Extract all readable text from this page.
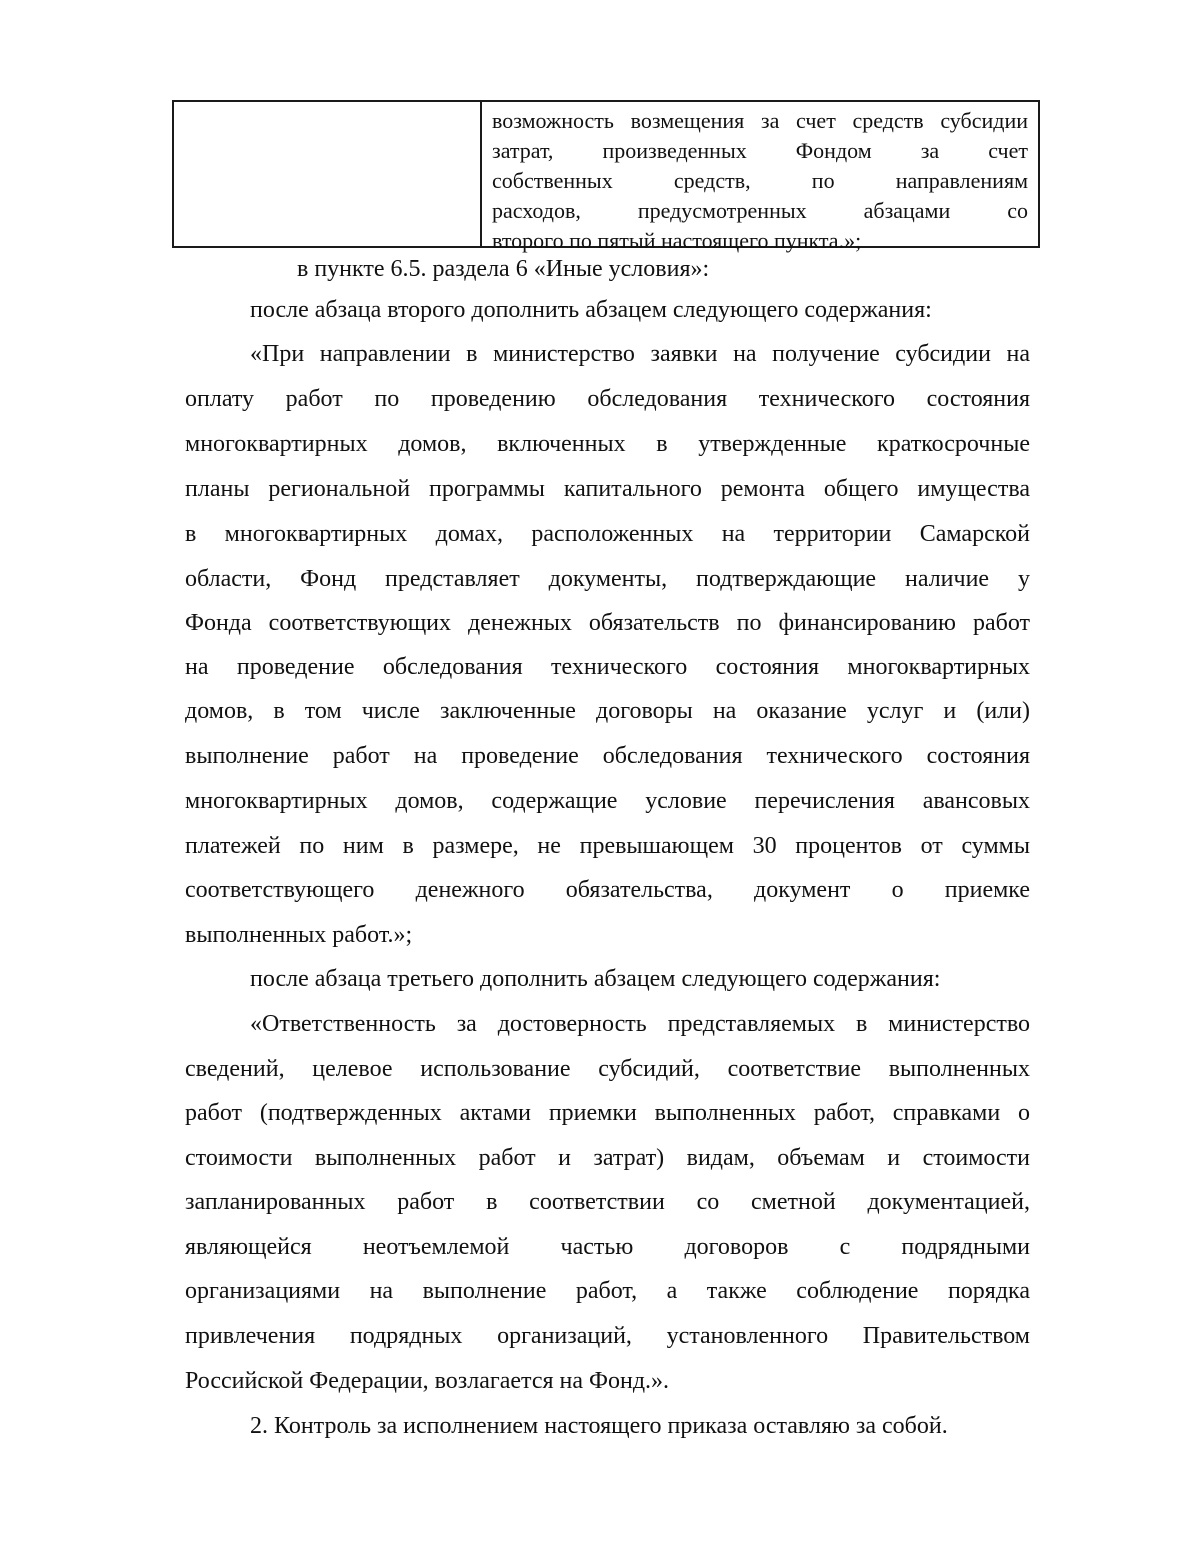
возможность возмещения за счет средств субсидии
затрат, произведенных Фондом за счет
собственных средств, по направлениям
расходов, предусмотренных абзацами со
второго по пятый настоящего пункта.»;
в пункте 6.5. раздела 6 «Иные условия»:
после абзаца второго дополнить абзацем следующего содержания:
«При направлении в министерство заявки на получение субсидии на
оплату работ по проведению обследования технического состояния
многоквартирных домов, включенных в утвержденные краткосрочные
планы региональной программы капитального ремонта общего имущества
в многоквартирных домах, расположенных на территории Самарской
области, Фонд представляет документы, подтверждающие наличие у
Фонда соответствующих денежных обязательств по финансированию работ
на проведение обследования технического состояния многоквартирных
домов, в том числе заключенные договоры на оказание услуг и (или)
выполнение работ на проведение обследования технического состояния
многоквартирных домов, содержащие условие перечисления авансовых
платежей по ним в размере, не превышающем 30 процентов от суммы
соответствующего денежного обязательства, документ о приемке
выполненных работ.»;
после абзаца третьего дополнить абзацем следующего содержания:
«Ответственность за достоверность представляемых в министерство
сведений, целевое использование субсидий, соответствие выполненных
работ (подтвержденных актами приемки выполненных работ, справками о
стоимости выполненных работ и затрат) видам, объемам и стоимости
запланированных работ в соответствии со сметной документацией,
являющейся неотъемлемой частью договоров с подрядными
организациями на выполнение работ, а также соблюдение порядка
привлечения подрядных организаций, установленного Правительством
Российской Федерации, возлагается на Фонд.».
2. Контроль за исполнением настоящего приказа оставляю за собой.
